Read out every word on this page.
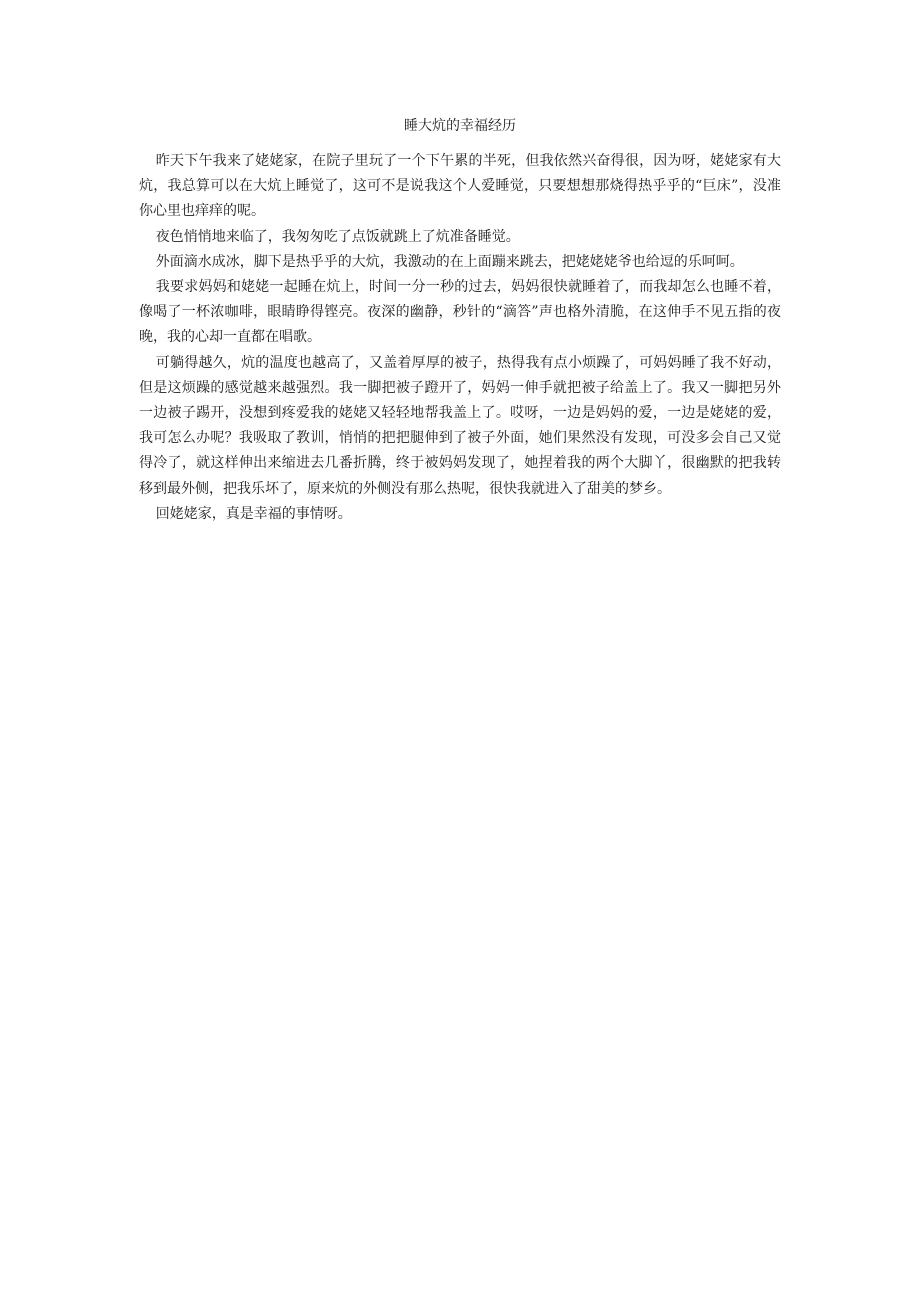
睡大炕的幸福经历

昨天下午我来了姥姥家，在院子里玩了一个下午累的半死，但我依然兴奋得很，因为呀，姥姥家有大炕，我总算可以在大炕上睡觉了，这可不是说我这个人爱睡觉，只要想想那烧得热乎乎的“巨床”，没准你心里也痒痒的呢。

夜色悄悄地来临了，我匆匆吃了点饭就跳上了炕准备睡觉。

外面滴水成冰，脚下是热乎乎的大炕，我激动的在上面蹦来跳去，把姥姥姥爷也给逗的乐呵呵。

我要求妈妈和姥姥一起睡在炕上，时间一分一秒的过去，妈妈很快就睡着了，而我却怎么也睡不着，像喝了一杯浓咖啡，眼睛睁得铿亮。夜深的幽静，秒针的“滴答”声也格外清脆，在这伸手不见五指的夜晚，我的心却一直都在唱歌。

可躺得越久，炕的温度也越高了，又盖着厚厚的被子，热得我有点小烦躁了，可妈妈睡了我不好动，但是这烦躁的感觉越来越强烈。我一脚把被子蹬开了，妈妈一伸手就把被子给盖上了。我又一脚把另外一边被子踢开，没想到疼爱我的姥姥又轻轻地帮我盖上了。哎呀，一边是妈妈的爱，一边是姥姥的爱，我可怎么办呢？我吸取了教训，悄悄的把把腿伸到了被子外面，她们果然没有发现，可没多会自己又觉得冷了，就这样伸出来缩进去几番折腾，终于被妈妈发现了，她捏着我的两个大脚丫，很幽默的把我转移到最外侧，把我乐坏了，原来炕的外侧没有那么热呢，很快我就进入了甜美的梦乡。

回姥姥家，真是幸福的事情呀。
